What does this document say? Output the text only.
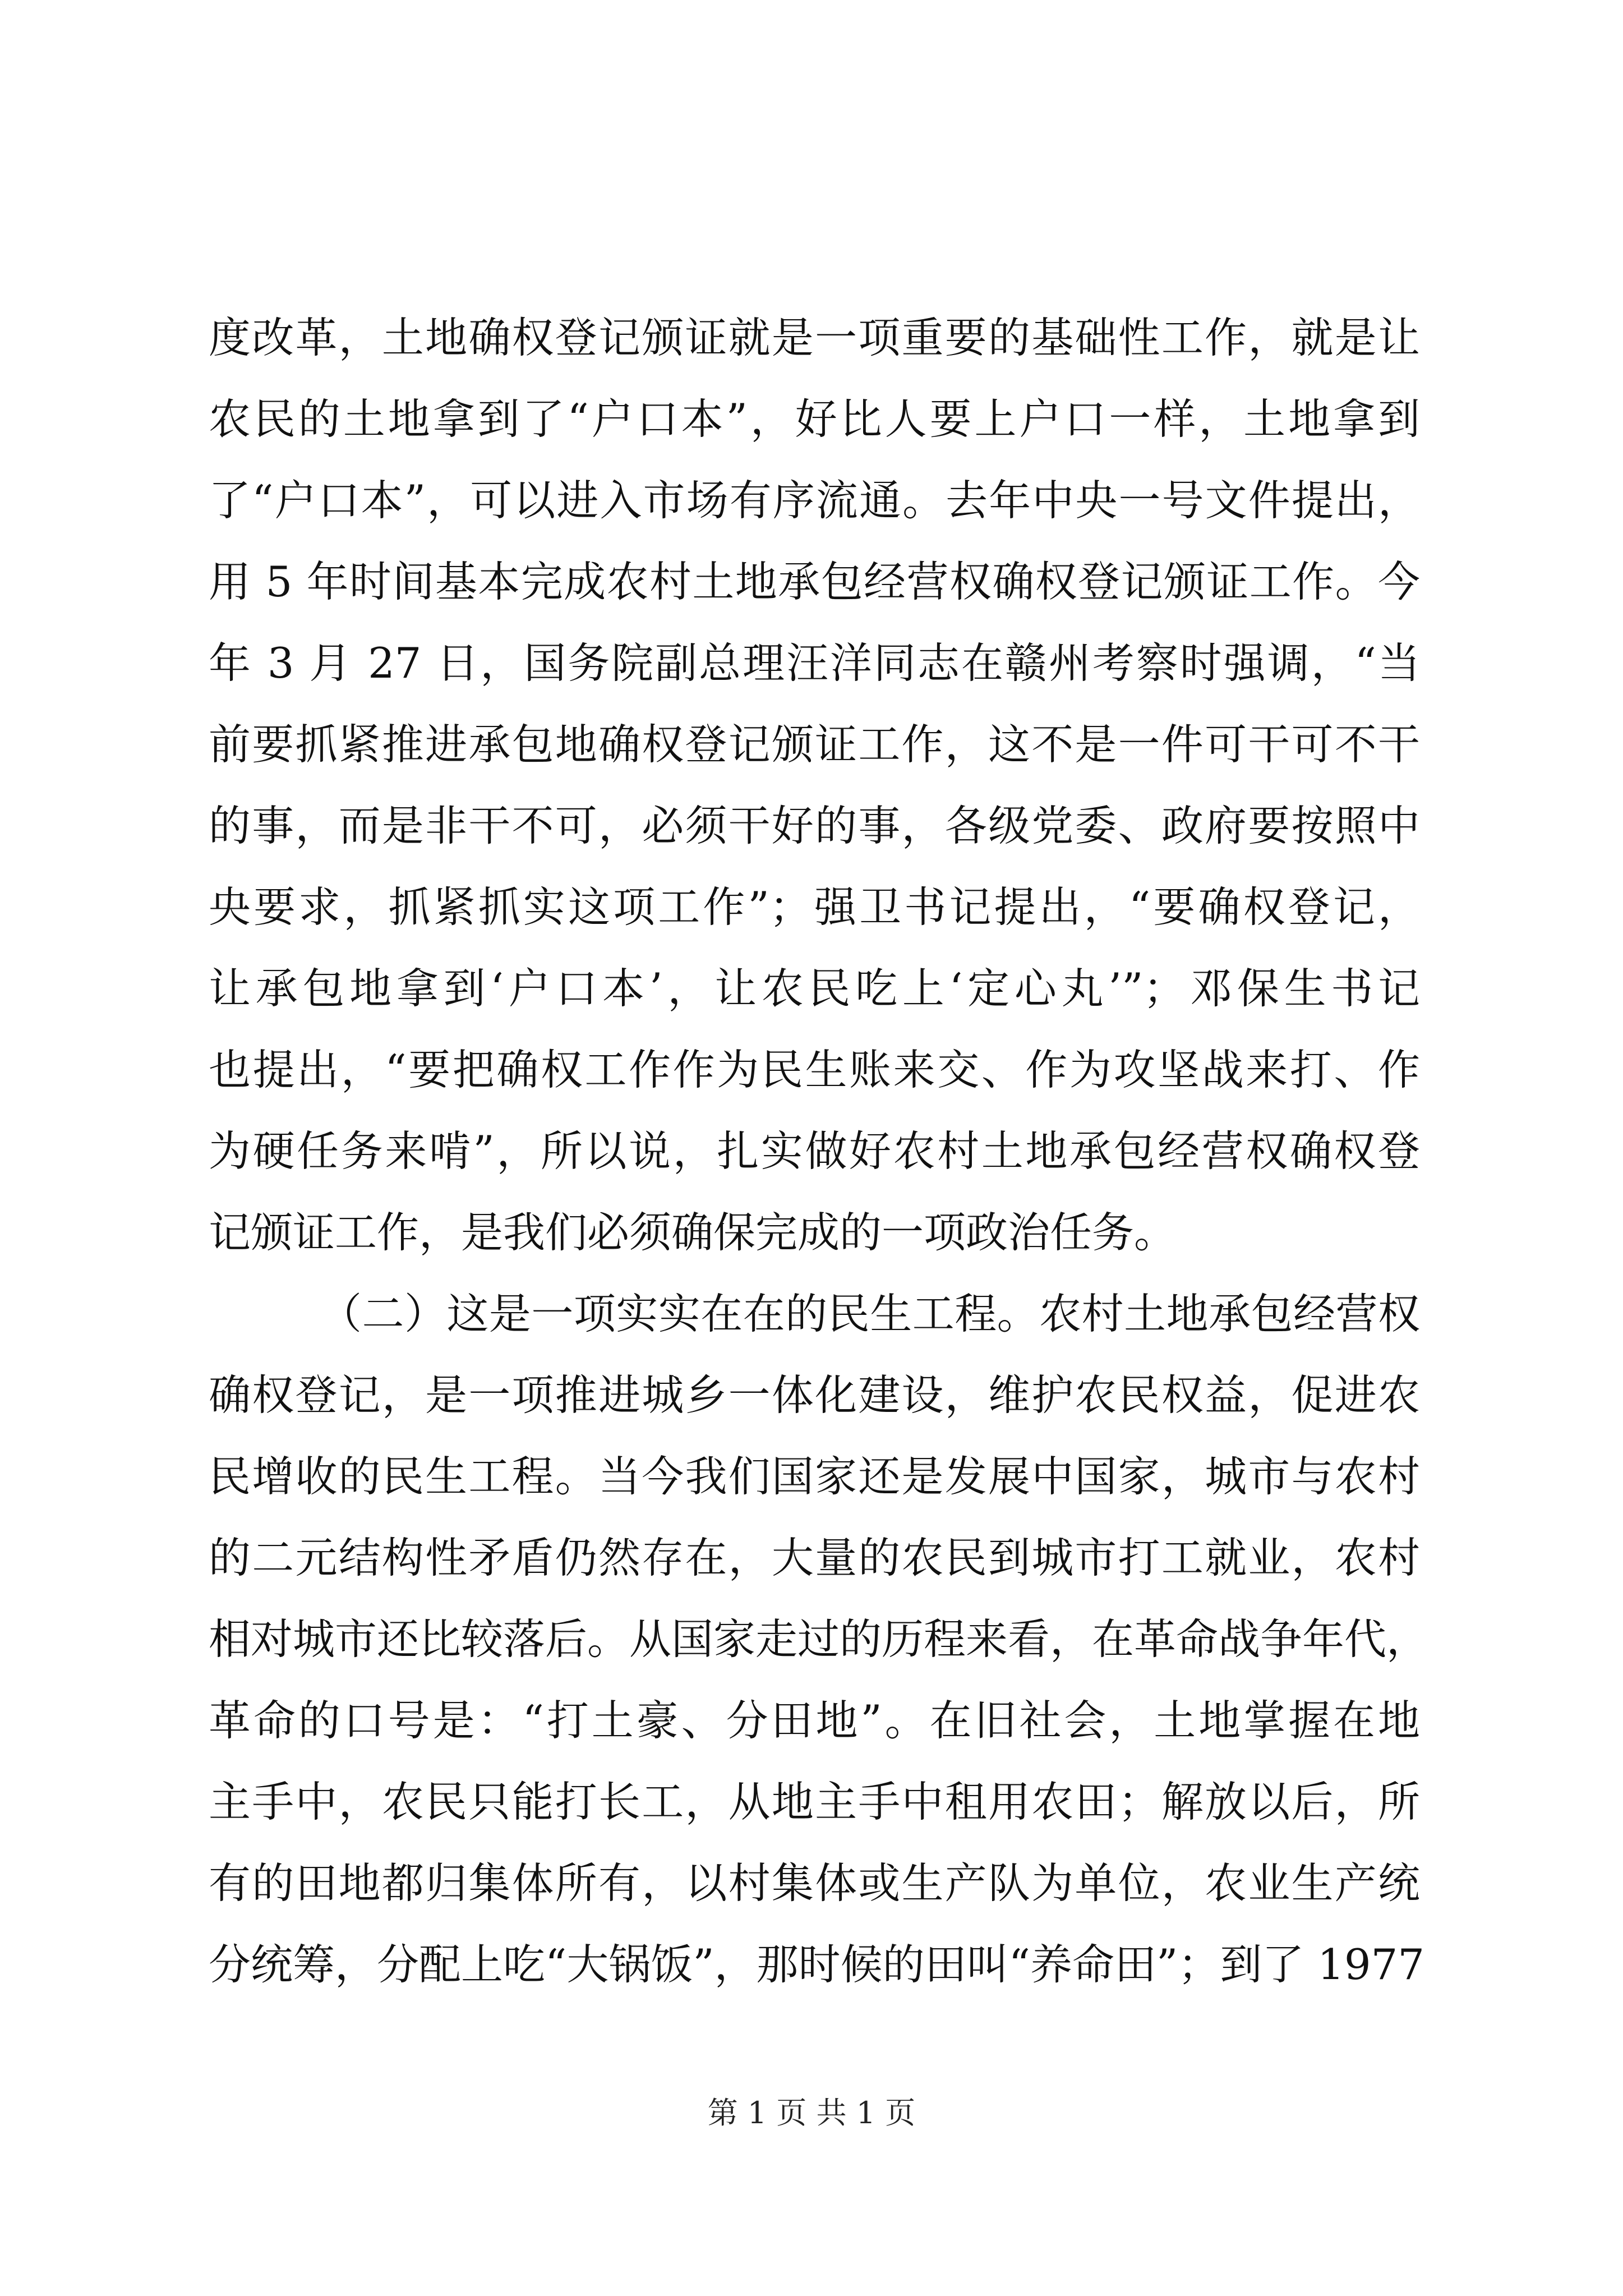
度改革，土地确权登记颁证就是一项重要的基础性工作，就是让
农民的土地拿到了“户口本”，好比人要上户口一样，土地拿到
了“户口本”，可以进入市场有序流通。去年中央一号文件提出，
用 5 年时间基本完成农村土地承包经营权确权登记颁证工作。今
年 3 月 27 日，国务院副总理汪洋同志在赣州考察时强调，“当
前要抓紧推进承包地确权登记颁证工作，这不是一件可干可不干
的事，而是非干不可，必须干好的事，各级党委、政府要按照中
央要求，抓紧抓实这项工作”；强卫书记提出，“要确权登记，
让承包地拿到‘户口本’，让农民吃上‘定心丸’”；邓保生书记
也提出，“要把确权工作作为民生账来交、作为攻坚战来打、作
为硬任务来啃”，所以说，扎实做好农村土地承包经营权确权登
记颁证工作，是我们必须确保完成的一项政治任务。
（二）这是一项实实在在的民生工程。农村土地承包经营权
确权登记，是一项推进城乡一体化建设，维护农民权益，促进农
民增收的民生工程。当今我们国家还是发展中国家，城市与农村
的二元结构性矛盾仍然存在，大量的农民到城市打工就业，农村
相对城市还比较落后。从国家走过的历程来看，在革命战争年代，
革命的口号是：“打土豪、分田地”。在旧社会，土地掌握在地
主手中，农民只能打长工，从地主手中租用农田；解放以后，所
有的田地都归集体所有，以村集体或生产队为单位，农业生产统
分统筹，分配上吃“大锅饭”，那时候的田叫“养命田”；到了 1977
第 1 页 共 1 页
